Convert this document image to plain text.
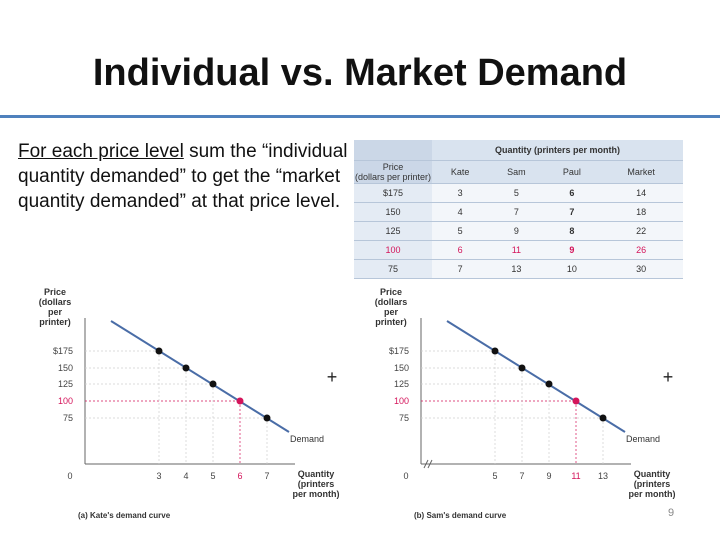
Individual vs. Market Demand
For each price level sum the “individual quantity demanded” to get the “market quantity demanded” at that price level.
	Quantity (printers per month)			

Price
(dollars per printer)	Kate	Sam	Paul	Market
$175	3	5	6	14
150	4	7	7	18
125	5	9	8	22
100	6	11	9	26
75	7	13	10	30
Price
(dollars
per
printer)
$175
150
125
100
75
0	3 4 5 6 7
Demand
+
Quantity
(printers
per month)
(a) Kate's demand curve
Price
(dollars
per
printer)
$175
150
125
100
75
0	5 7 9 11 13
Demand
+
Quantity
(printers
per month)
(b) Sam's demand curve	9
